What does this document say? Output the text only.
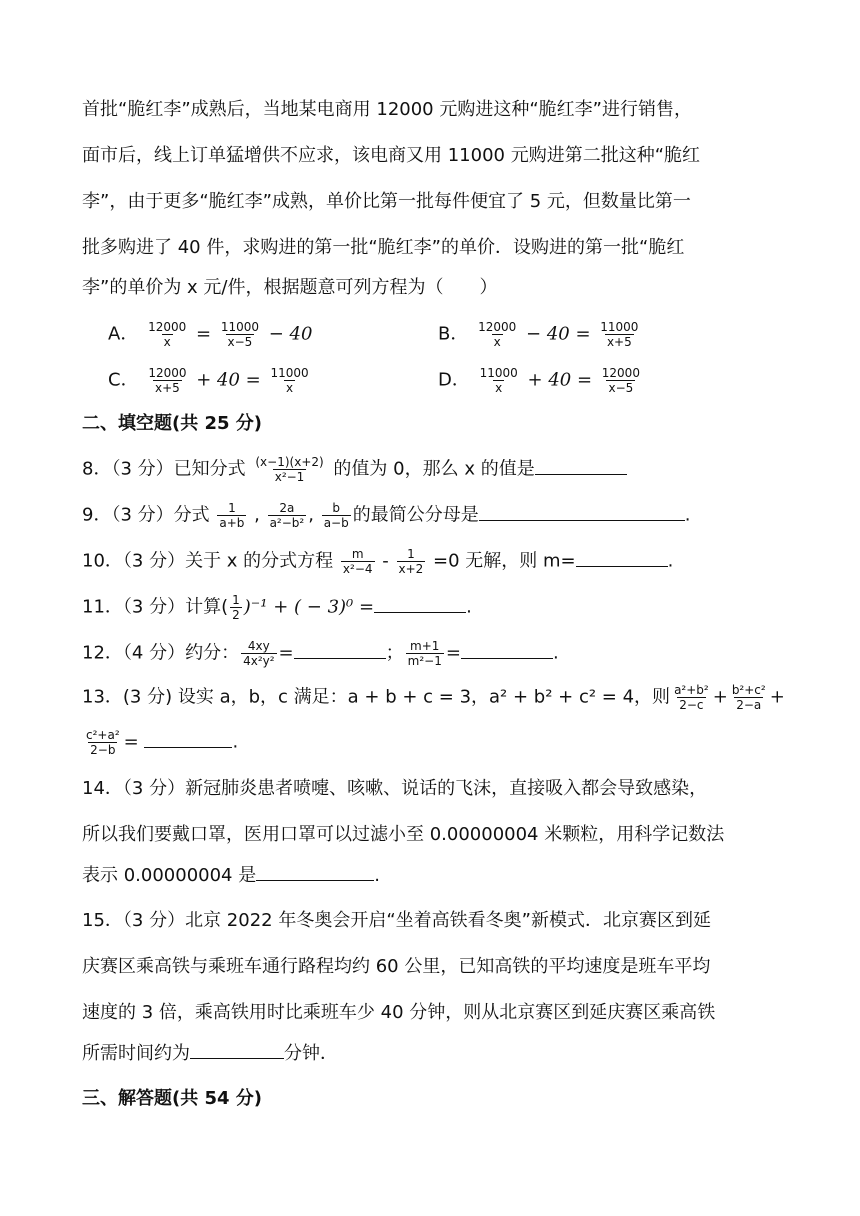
首批“脆红李”成熟后，当地某电商用 12000 元购进这种“脆红李”进行销售，
面市后，线上订单猛增供不应求，该电商又用 11000 元购进第二批这种“脆红
李”，由于更多“脆红李”成熟，单价比第一批每件便宜了 5 元，但数量比第一
批多购进了 40 件，求购进的第一批“脆红李”的单价．设购进的第一批“脆红
李”的单价为 x 元/件，根据题意可列方程为（　　）
A． $\frac{12000}{x} = \frac{11000}{x-5} - 40$	B． $\frac{12000}{x} - 40 = \frac{11000}{x+5}$
C． $\frac{12000}{x+5} + 40 = \frac{11000}{x}$	D． $\frac{11000}{x} + 40 = \frac{12000}{x-5}$
二、填空题(共 25 分)
8．（3 分）已知分式 $\frac{(x-1)(x+2)}{\text{x²−1}}$ 的值为 0，那么 x 的值是
9．（3 分）分式 $\frac{1}{a+b}$ , $\frac{2a}{\text{a²−b²}}$ , $\frac{b}{a-b}$ 的最简公分母是	.
10．（3 分）关于 x 的分式方程 $\frac{m}{\text{x²−4}} - \frac{1}{x+2} =0$ 无解，则 m=	.
11．（3 分）计算( $\frac{1}{2} )^{-1}$ + ( − 3)⁰ =	.
12．（4 分）约分： $\frac{4xy}{\text{4x²y²}}$ =	； $\frac{m+1}{\text{m²−1}}$ =	.
13．(3 分) 设实 a，b，c 满足：a + b + c = 3，a² + b² + c² = 4，则 $\frac{\text{a²+b²}}{2-c} + \frac{\text{b²+c²}}{2-a}$ +
$\frac{\text{c²+a²}}{2-b}$ =	.
14．（3 分）新冠肺炎患者喷嚏、咳嗽、说话的飞沫，直接吸入都会导致感染，
所以我们要戴口罩，医用口罩可以过滤小至 0.00000004 米颗粒，用科学记数法
表示 0.00000004 是	.
15．（3 分）北京 2022 年冬奥会开启“坐着高铁看冬奥”新模式．北京赛区到延
庆赛区乘高铁与乘班车通行路程均约 60 公里，已知高铁的平均速度是班车平均
速度的 3 倍，乘高铁用时比乘班车少 40 分钟，则从北京赛区到延庆赛区乘高铁
所需时间约为	分钟．
三、解答题(共 54 分)
